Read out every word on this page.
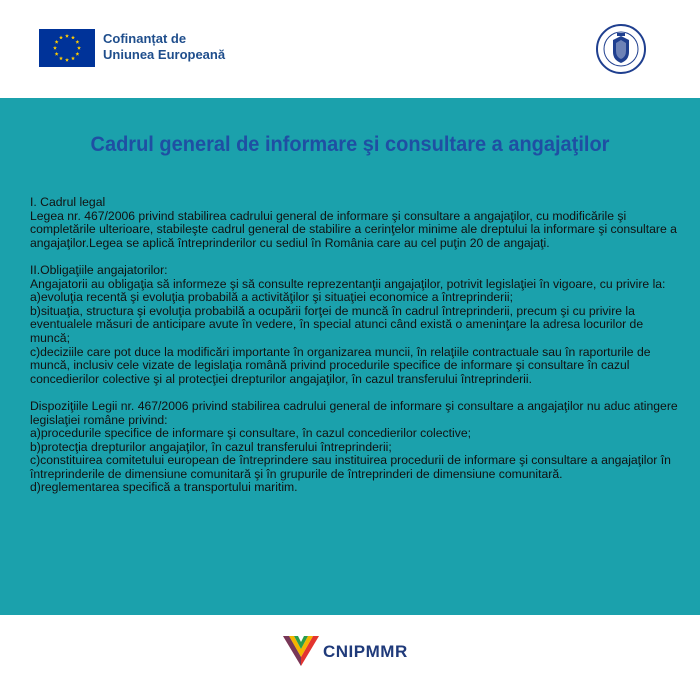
Cofinanțat de
Uniunea Europeană
Cadrul general de informare şi consultare a angajaţilor

I. Cadrul legal

Legea nr. 467/2006 privind stabilirea cadrului general de informare şi consultare a angajaţilor, cu modificările şi completările ulterioare, stabileşte cadrul general de stabilire a cerinţelor minime ale dreptului la informare şi consultare a angajaţilor.Legea se aplică întreprinderilor cu sediul în România care au cel puţin 20 de angajaţi.

II.Obligaţiile angajatorilor:

Angajatorii au obligaţia să informeze şi să consulte reprezentanţii angajaţilor, potrivit legislaţiei în vigoare, cu privire la:

a)evoluţia recentă şi evoluţia probabilă a activităţilor şi situaţiei economice a întreprinderii;

b)situaţia, structura şi evoluţia probabilă a ocupării forţei de muncă în cadrul întreprinderii, precum şi cu privire la eventualele măsuri de anticipare avute în vedere, în special atunci când există o ameninţare la adresa locurilor de muncă;

c)deciziile care pot duce la modificări importante în organizarea muncii, în relaţiile contractuale sau în raporturile de muncă, inclusiv cele vizate de legislaţia română privind procedurile specifice de informare şi consultare în cazul concedierilor colective şi al protecţiei drepturilor angajaţilor, în cazul transferului întreprinderii.

Dispoziţiile Legii nr. 467/2006 privind stabilirea cadrului general de informare şi consultare a angajaţilor nu aduc atingere legislaţiei române privind:

a)procedurile specifice de informare şi consultare, în cazul concedierilor colective;

b)protecţia drepturilor angajaţilor, în cazul transferului întreprinderii;

c)constituirea comitetului european de întreprindere sau instituirea procedurii de informare şi consultare a angajaţilor în întreprinderile de dimensiune comunitară şi în grupurile de întreprinderi de dimensiune comunitară.

d)reglementarea specifică a transportului maritim.

CNIPMMR
